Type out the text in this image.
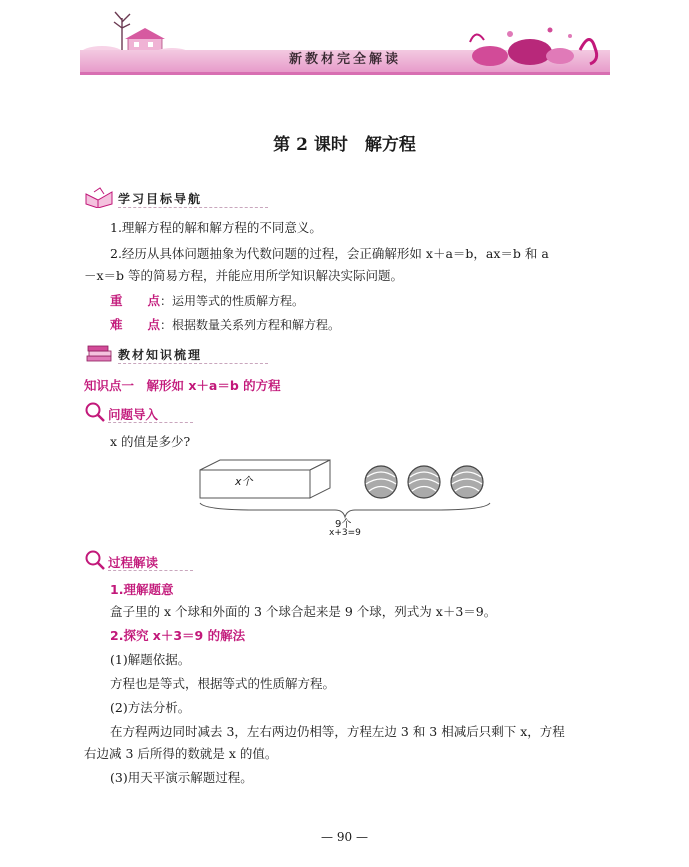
新教材完全解读
第 2 课时　解方程
学习目标导航
1.理解方程的解和解方程的不同意义。
2.经历从具体问题抽象为代数问题的过程，会正确解形如 x＋a＝b，ax＝b 和 a
－x＝b 等的简易方程，并能应用所学知识解决实际问题。
重　　点：运用等式的性质解方程。
难　　点：根据数量关系列方程和解方程。
教材知识梳理
知识点一　解形如 x＋a＝b 的方程
问题导入
x 的值是多少?
x个
9个
x+3=9
过程解读
1.理解题意
盒子里的 x 个球和外面的 3 个球合起来是 9 个球，列式为 x＋3＝9。
2.探究 x＋3＝9 的解法
(1)解题依据。
方程也是等式，根据等式的性质解方程。
(2)方法分析。
在方程两边同时减去 3，左右两边仍相等，方程左边 3 和 3 相减后只剩下 x，方程
右边减 3 后所得的数就是 x 的值。
(3)用天平演示解题过程。
— 90 —
